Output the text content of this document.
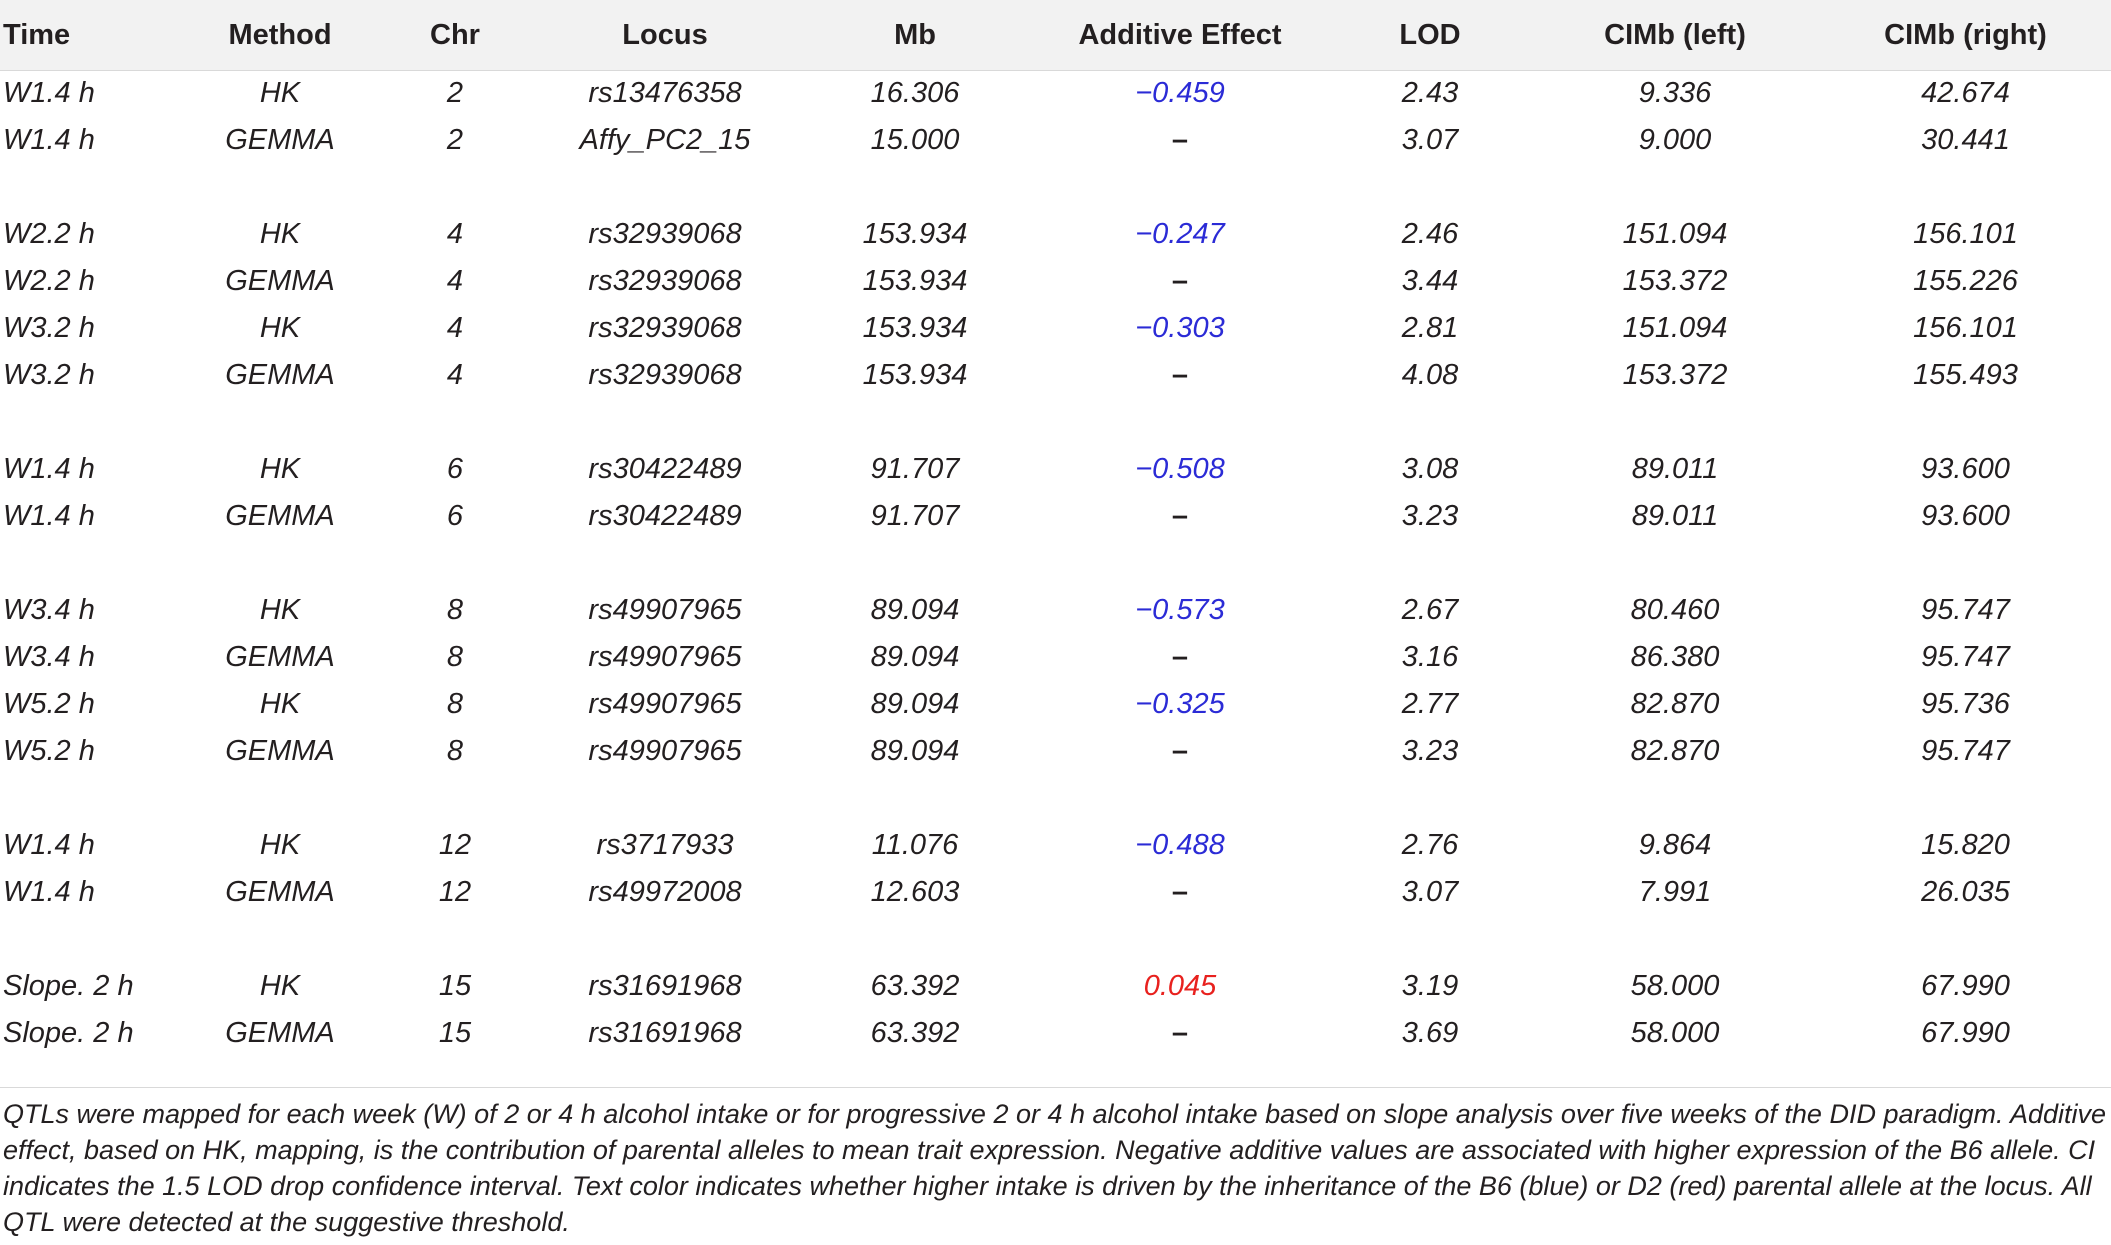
Time	Method	Chr	Locus	Mb	Additive Effect	LOD	CIMb (left)	CIMb (right)
W1.4 h	HK	2	rs13476358	16.306	−0.459	2.43	9.336	42.674
W1.4 h	GEMMA	2	Affy_PC2_15	15.000	–	3.07	9.000	30.441

W2.2 h	HK	4	rs32939068	153.934	−0.247	2.46	151.094	156.101
W2.2 h	GEMMA	4	rs32939068	153.934	–	3.44	153.372	155.226
W3.2 h	HK	4	rs32939068	153.934	−0.303	2.81	151.094	156.101
W3.2 h	GEMMA	4	rs32939068	153.934	–	4.08	153.372	155.493

W1.4 h	HK	6	rs30422489	91.707	−0.508	3.08	89.011	93.600
W1.4 h	GEMMA	6	rs30422489	91.707	–	3.23	89.011	93.600

W3.4 h	HK	8	rs49907965	89.094	−0.573	2.67	80.460	95.747
W3.4 h	GEMMA	8	rs49907965	89.094	–	3.16	86.380	95.747
W5.2 h	HK	8	rs49907965	89.094	−0.325	2.77	82.870	95.736
W5.2 h	GEMMA	8	rs49907965	89.094	–	3.23	82.870	95.747

W1.4 h	HK	12	rs3717933	11.076	−0.488	2.76	9.864	15.820
W1.4 h	GEMMA	12	rs49972008	12.603	–	3.07	7.991	26.035

Slope. 2 h	HK	15	rs31691968	63.392	0.045	3.19	58.000	67.990
Slope. 2 h	GEMMA	15	rs31691968	63.392	–	3.69	58.000	67.990

QTLs were mapped for each week (W) of 2 or 4 h alcohol intake or for progressive 2 or 4 h alcohol intake based on slope analysis over five weeks of the DID paradigm. Additive effect, based on HK, mapping, is the contribution of parental alleles to mean trait expression. Negative additive values are associated with higher expression of the B6 allele. CI indicates the 1.5 LOD drop confidence interval. Text color indicates whether higher intake is driven by the inheritance of the B6 (blue) or D2 (red) parental allele at the locus. All QTL were detected at the suggestive threshold.
